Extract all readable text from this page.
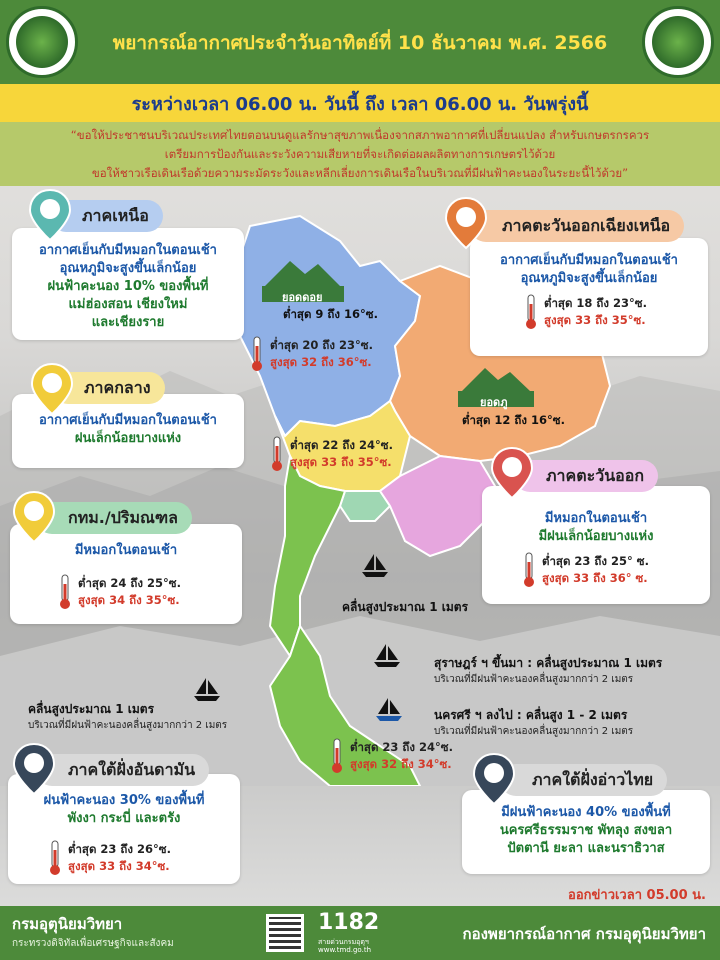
พยากรณ์อากาศประจำวันอาทิตย์ที่ 10 ธันวาคม พ.ศ. 2566
ระหว่างเวลา 06.00 น. วันนี้ ถึง เวลา 06.00 น. วันพรุ่งนี้
“ขอให้ประชาชนบริเวณประเทศไทยตอนบนดูแลรักษาสุขภาพเนื่องจากสภาพอากาศที่เปลี่ยนแปลง สำหรับเกษตรกรควร
เตรียมการป้องกันและระวังความเสียหายที่จะเกิดต่อผลผลิตทางการเกษตรไว้ด้วย
ขอให้ชาวเรือเดินเรือด้วยความระมัดระวังและหลีกเลี่ยงการเดินเรือในบริเวณที่มีฝนฟ้าคะนองในระยะนี้ไว้ด้วย”
ยอดดอย
ต่ำสุด 9 ถึง 16°ซ.
ยอดภู
ต่ำสุด 12 ถึง 16°ซ.
อากาศเย็นกับมีหมอกในตอนเช้า
อุณหภูมิจะสูงขึ้นเล็กน้อย
ฝนฟ้าคะนอง 10% ของพื้นที่
แม่ฮ่องสอน เชียงใหม่
และเชียงราย
ภาคเหนือ
ต่ำสุด 20 ถึง 23°ซ.
สูงสุด 32 ถึง 36°ซ.
อากาศเย็นกับมีหมอกในตอนเช้า
อุณหภูมิจะสูงขึ้นเล็กน้อย
ต่ำสุด 18 ถึง 23°ซ.
สูงสุด 33 ถึง 35°ซ.
ภาคตะวันออกเฉียงเหนือ
อากาศเย็นกับมีหมอกในตอนเช้า
ฝนเล็กน้อยบางแห่ง
ภาคกลาง
ต่ำสุด 22 ถึง 24°ซ.
สูงสุด 33 ถึง 35°ซ.
มีหมอกในตอนเช้า
มีฝนเล็กน้อยบางแห่ง
ต่ำสุด 23 ถึง 25° ซ.
สูงสุด 33 ถึง 36° ซ.
ภาคตะวันออก
มีหมอกในตอนเช้า
ต่ำสุด 24 ถึง 25°ซ.
สูงสุด 34 ถึง 35°ซ.
กทม./ปริมณฑล
คลื่นสูงประมาณ 1 เมตร
สุราษฎร์ ฯ ขึ้นมา : คลื่นสูงประมาณ 1 เมตร
บริเวณที่มีฝนฟ้าคะนองคลื่นสูงมากกว่า 2 เมตร
นครศรี ฯ ลงไป : คลื่นสูง 1 - 2 เมตร
บริเวณที่มีฝนฟ้าคะนองคลื่นสูงมากกว่า 2 เมตร
คลื่นสูงประมาณ 1 เมตร
บริเวณที่มีฝนฟ้าคะนองคลื่นสูงมากกว่า 2 เมตร
ฝนฟ้าคะนอง 30% ของพื้นที่
พังงา กระบี่ และตรัง
ต่ำสุด 23 ถึง 26°ซ.
สูงสุด 33 ถึง 34°ซ.
ภาคใต้ฝั่งอันดามัน
ต่ำสุด 23 ถึง 24°ซ.
สูงสุด 32 ถึง 34°ซ.
มีฝนฟ้าคะนอง 40% ของพื้นที่
นครศรีธรรมราช พัทลุง สงขลา
ปัตตานี ยะลา และนราธิวาส
ภาคใต้ฝั่งอ่าวไทย
ออกข่าวเวลา 05.00 น.
กรมอุตุนิยมวิทยา
กระทรวงดิจิทัลเพื่อเศรษฐกิจและสังคม
1182
สายด่วนกรมอุตุฯ
www.tmd.go.th
กองพยากรณ์อากาศ กรมอุตุนิยมวิทยา
